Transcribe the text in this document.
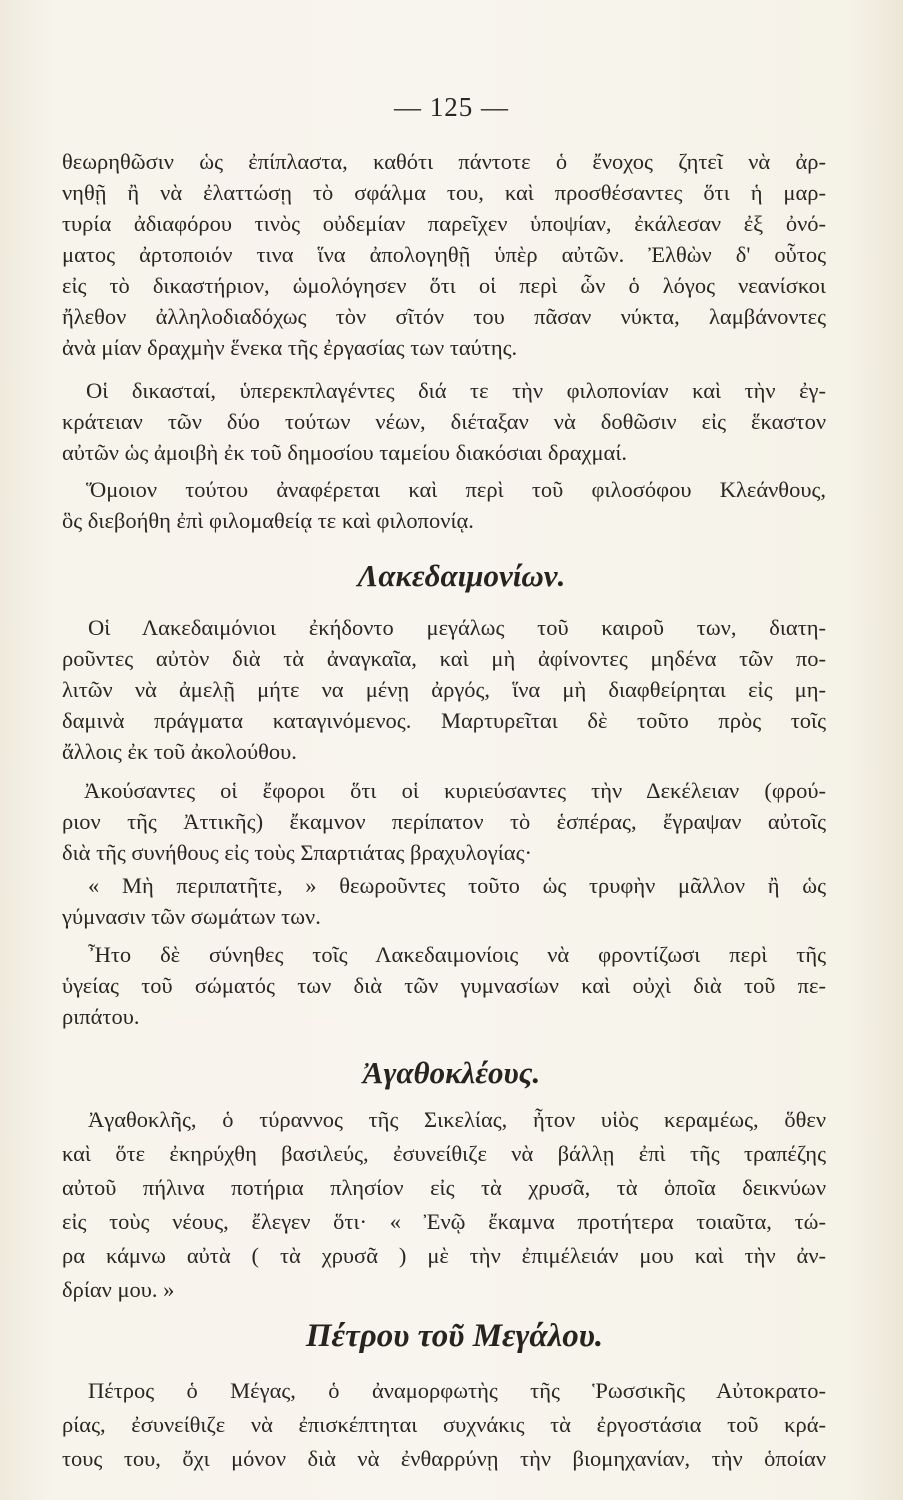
— 125 —
θεωρηθῶσιν ὡς ἐπίπλαστα, καθότι πάντοτε ὁ ἔνοχος ζητεῖ νὰ ἀρ-
νηθῇ ἢ νὰ ἐλαττώσῃ τὸ σφάλμα του, καὶ προσθέσαντες ὅτι ἡ μαρ-
τυρία ἀδιαφόρου τινὸς οὐδεμίαν παρεῖχεν ὑποψίαν, ἐκάλεσαν ἐξ ὀνό-
ματος ἀρτοποιόν τινα ἵνα ἀπολογηθῇ ὑπὲρ αὐτῶν. Ἐλθὼν δ' οὗτος
εἰς τὸ δικαστήριον, ὡμολόγησεν ὅτι οἱ περὶ ὧν ὁ λόγος νεανίσκοι
ἤλεθον ἀλληλοδιαδόχως τὸν σῖτόν του πᾶσαν νύκτα, λαμβάνοντες
ἀνὰ μίαν δραχμὴν ἕνεκα τῆς ἐργασίας των ταύτης.
Οἱ δικασταί, ὑπερεκπλαγέντες διά τε τὴν φιλοπονίαν καὶ τὴν ἐγ-
κράτειαν τῶν δύο τούτων νέων, διέταξαν νὰ δοθῶσιν εἰς ἕκαστον
αὐτῶν ὡς ἀμοιβὴ ἐκ τοῦ δημοσίου ταμείου διακόσιαι δραχμαί.
Ὅμοιον τούτου ἀναφέρεται καὶ περὶ τοῦ φιλοσόφου Κλεάνθους,
ὃς διεβοήθη ἐπὶ φιλομαθείᾳ τε καὶ φιλοπονίᾳ.
Λακεδαιμονίων.
Οἱ Λακεδαιμόνιοι ἐκήδοντο μεγάλως τοῦ καιροῦ των, διατη-
ροῦντες αὐτὸν διὰ τὰ ἀναγκαῖα, καὶ μὴ ἀφίνοντες μηδένα τῶν πο-
λιτῶν νὰ ἀμελῇ μήτε να μένῃ ἀργός, ἵνα μὴ διαφθείρηται εἰς μη-
δαμινὰ πράγματα καταγινόμενος. Μαρτυρεῖται δὲ τοῦτο πρὸς τοῖς
ἄλλοις ἐκ τοῦ ἀκολούθου.
Ἀκούσαντες οἱ ἔφοροι ὅτι οἱ κυριεύσαντες τὴν Δεκέλειαν (φρού-
ριον τῆς Ἀττικῆς) ἔκαμνον περίπατον τὸ ἑσπέρας, ἔγραψαν αὐτοῖς
διὰ τῆς συνήθους εἰς τοὺς Σπαρτιάτας βραχυλογίας·
« Μὴ περιπατῆτε, » θεωροῦντες τοῦτο ὡς τρυφὴν μᾶλλον ἢ ὡς
γύμνασιν τῶν σωμάτων των.
Ἦτο δὲ σύνηθες τοῖς Λακεδαιμονίοις νὰ φροντίζωσι περὶ τῆς
ὑγείας τοῦ σώματός των διὰ τῶν γυμνασίων καὶ οὐχὶ διὰ τοῦ πε-
ριπάτου.
Ἀγαθοκλέους.
Ἀγαθοκλῆς, ὁ τύραννος τῆς Σικελίας, ἦτον υἱὸς κεραμέως, ὅθεν
καὶ ὅτε ἐκηρύχθη βασιλεύς, ἐσυνείθιζε νὰ βάλλῃ ἐπὶ τῆς τραπέζης
αὐτοῦ πήλινα ποτήρια πλησίον εἰς τὰ χρυσᾶ, τὰ ὁποῖα δεικνύων
εἰς τοὺς νέους, ἔλεγεν ὅτι· « Ἐνῷ ἔκαμνα προτήτερα τοιαῦτα, τώ-
ρα κάμνω αὐτὰ ( τὰ χρυσᾶ ) μὲ τὴν ἐπιμέλειάν μου καὶ τὴν ἀν-
δρίαν μου. »
Πέτρου τοῦ Μεγάλου.
Πέτρος ὁ Μέγας, ὁ ἀναμορφωτὴς τῆς Ῥωσσικῆς Αὐτοκρατο-
ρίας, ἐσυνείθιζε νὰ ἐπισκέπτηται συχνάκις τὰ ἐργοστάσια τοῦ κρά-
τους του, ὄχι μόνον διὰ νὰ ἐνθαρρύνῃ τὴν βιομηχανίαν, τὴν ὁποίαν
